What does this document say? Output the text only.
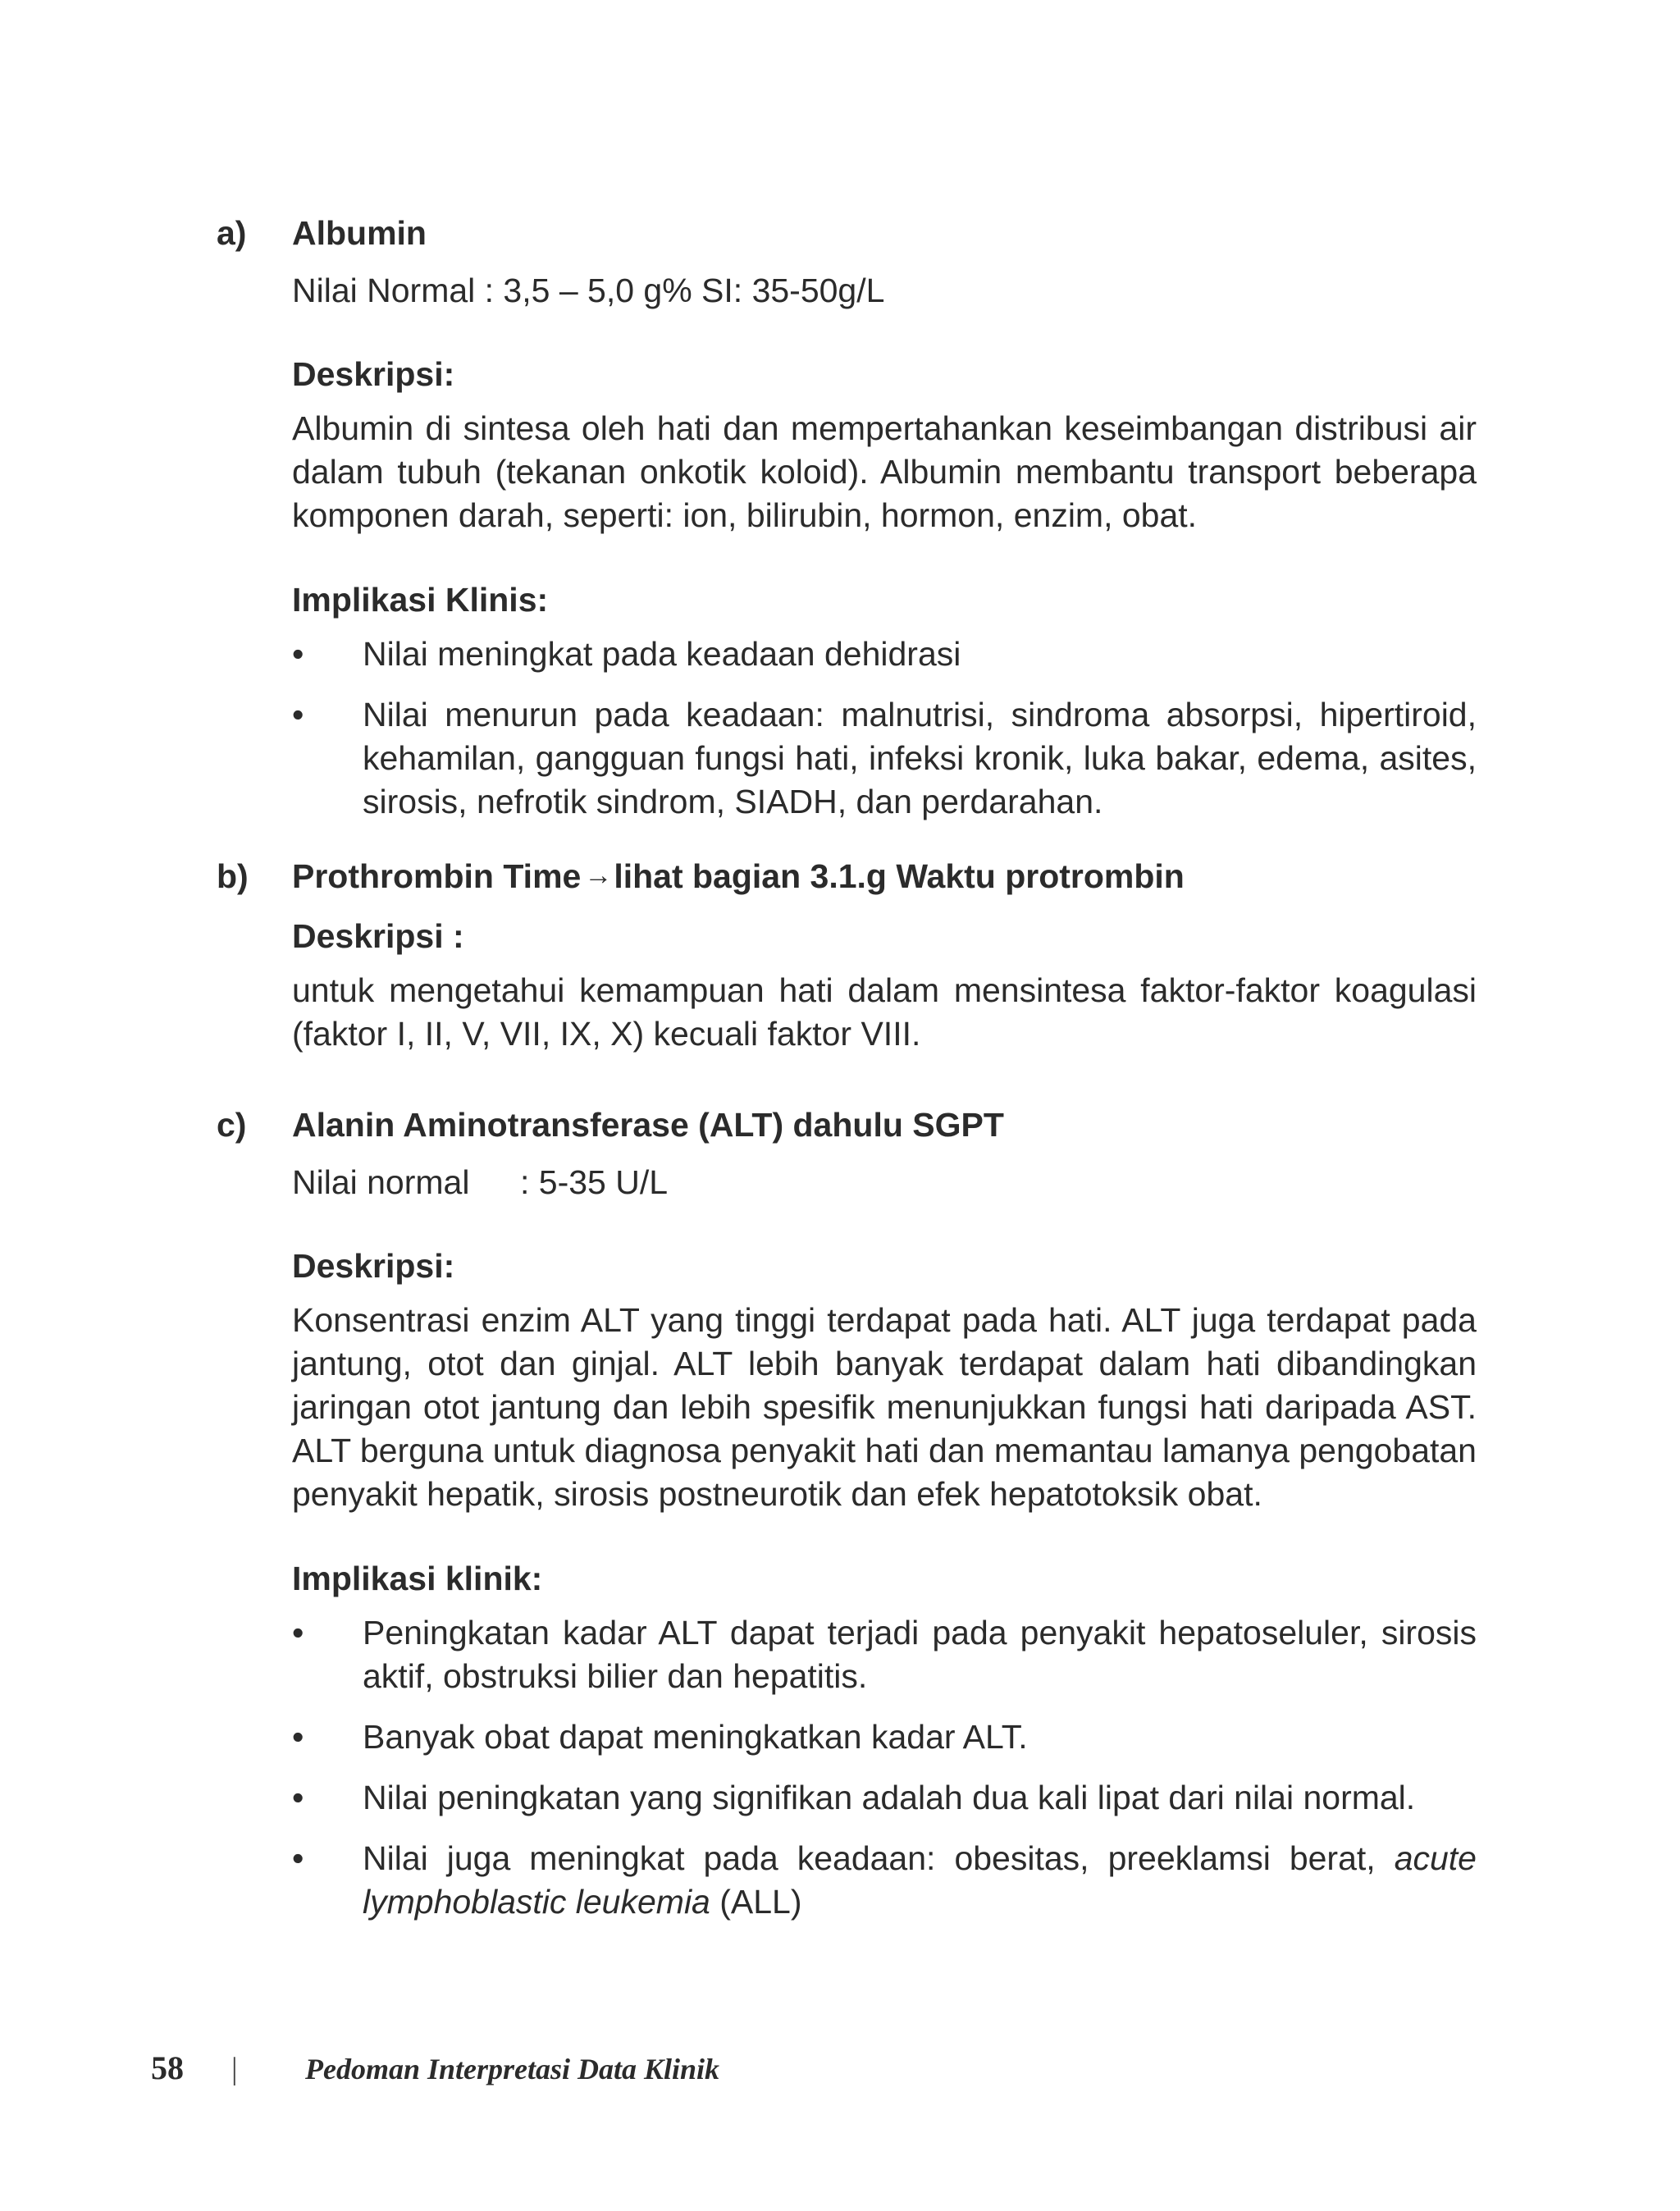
a) Albumin

Nilai Normal : 3,5 – 5,0 g% SI: 35-50g/L

Deskripsi:

Albumin di sintesa oleh hati dan mempertahankan keseimbangan distribusi air dalam tubuh (tekanan onkotik koloid). Albumin membantu transport beberapa komponen darah, seperti: ion, bilirubin, hormon, enzim, obat.

Implikasi Klinis:

•	Nilai meningkat pada keadaan dehidrasi
•	Nilai menurun pada keadaan: malnutrisi, sindroma absorpsi, hipertiroid, kehamilan, gangguan fungsi hati, infeksi kronik, luka bakar, edema, asites, sirosis, nefrotik sindrom, SIADH, dan perdarahan.
b) Prothrombin Time →lihat bagian 3.1.g Waktu protrombin

Deskripsi :

untuk mengetahui kemampuan hati dalam mensintesa faktor-faktor koagulasi (faktor I, II, V, VII, IX, X) kecuali faktor VIII.

c) Alanin Aminotransferase (ALT) dahulu SGPT

Nilai normal	: 5-35 U/L

Deskripsi:

Konsentrasi enzim ALT yang tinggi terdapat pada hati. ALT juga terdapat pada jantung, otot dan ginjal. ALT lebih banyak terdapat dalam hati dibandingkan jaringan otot jantung dan lebih spesifik menunjukkan fungsi hati daripada AST. ALT berguna untuk diagnosa penyakit hati dan memantau lamanya pengobatan penyakit hepatik, sirosis postneurotik dan efek hepatotoksik obat.

Implikasi klinik:

•	Peningkatan kadar ALT dapat terjadi pada penyakit hepatoseluler, sirosis aktif, obstruksi bilier dan hepatitis.
•	Banyak obat dapat meningkatkan kadar ALT.
•	Nilai peningkatan yang signifikan adalah dua kali lipat dari nilai normal.
•	Nilai juga meningkat pada keadaan: obesitas, preeklamsi berat, acute lymphoblastic leukemia (ALL)
58	|	Pedoman Interpretasi Data Klinik
